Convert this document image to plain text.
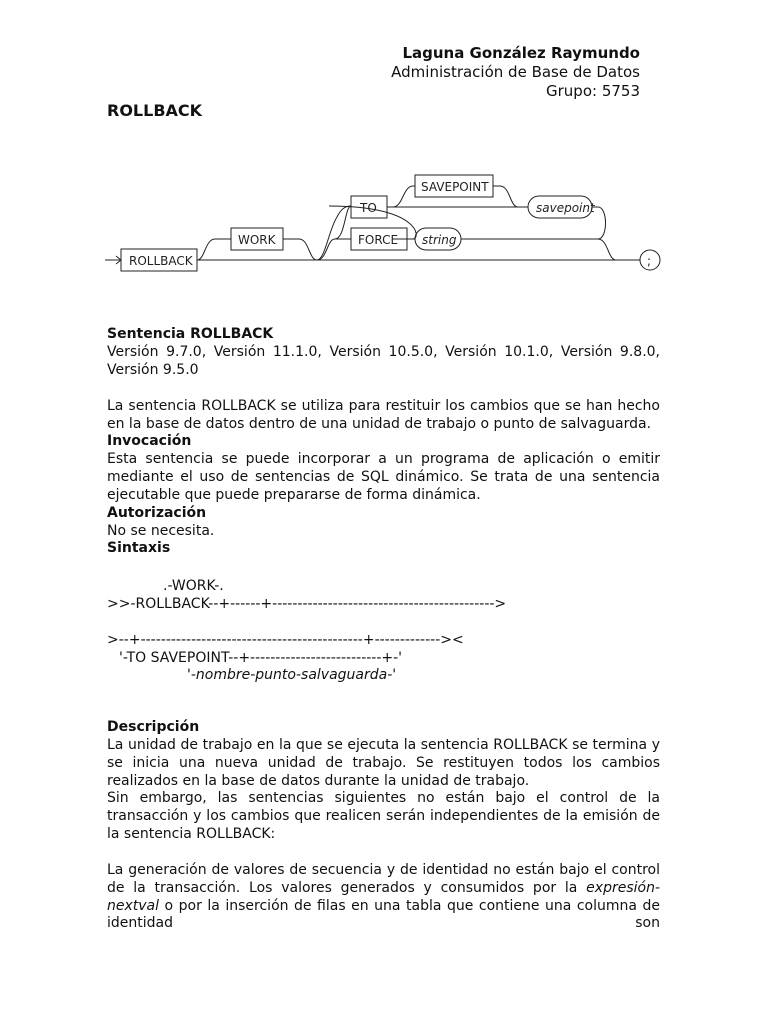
Laguna González Raymundo
Administración de Base de Datos
Grupo: 5753
ROLLBACK
ROLLBACK
WORK
TO
SAVEPOINT
savepoint
FORCE string
;
Sentencia ROLLBACK
Versión 9.7.0, Versión 11.1.0, Versión 10.5.0, Versión 10.1.0, Versión 9.8.0,
Versión 9.5.0
La sentencia ROLLBACK se utiliza para restituir los cambios que se han hecho en la base de datos dentro de una unidad de trabajo o punto de salvaguarda.
Invocación
Esta sentencia se puede incorporar a un programa de aplicación o emitir mediante el uso de sentencias de SQL dinámico. Se trata de una sentencia ejecutable que puede prepararse de forma dinámica.
Autorización
No se necesita.
Sintaxis
.-WORK-.
>>-ROLLBACK--+------+-------------------------------------------->
>--+--------------------------------------------+-------------><
'-TO SAVEPOINT--+--------------------------+-'
'-nombre-punto-salvaguarda-'
Descripción
La unidad de trabajo en la que se ejecuta la sentencia ROLLBACK se termina y se inicia una nueva unidad de trabajo. Se restituyen todos los cambios realizados en la base de datos durante la unidad de trabajo.
Sin embargo, las sentencias siguientes no están bajo el control de la transacción y los cambios que realicen serán independientes de la emisión de la sentencia ROLLBACK:
La generación de valores de secuencia y de identidad no están bajo el control de la transacción. Los valores generados y consumidos por la expresión-nextval o por la inserción de filas en una tabla que contiene una columna de identidad son
